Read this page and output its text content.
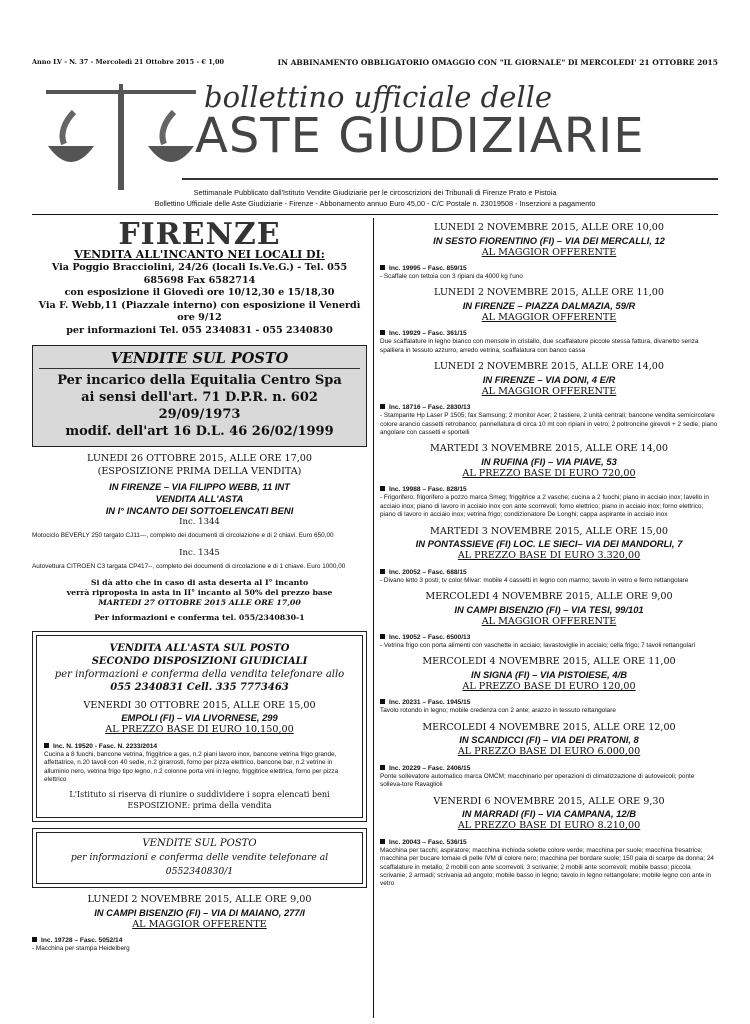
Anno LV - N. 37 - Mercoledì 21 Ottobre 2015 - € 1,00	IN ABBINAMENTO OBBLIGATORIO OMAGGIO CON "IL GIORNALE" DI MERCOLEDI' 21 OTTOBRE 2015
bollettino ufficiale delle
ASTE GIUDIZIARIE
Settimanale Pubblicato dall'Istituto Vendite Giudiziarie per le circoscrizioni dei Tribunali di Firenze Prato e Pistoia
Bollettino Ufficiale delle Aste Giudiziarie - Firenze - Abbonamento annuo Euro 45,00 - C/C Postale n. 23019508 - Inserzioni a pagamento
FIRENZE
VENDITA ALL'INCANTO NEI LOCALI DI:
Via Poggio Bracciolini, 24/26 (locali Is.Ve.G.) - Tel. 055 685698 Fax 6582714
con esposizione il Giovedì ore 10/12,30 e 15/18,30
Via F. Webb,11 (Piazzale interno) con esposizione il Venerdì ore 9/12
per informazioni Tel. 055 2340831 - 055 2340830
VENDITE SUL POSTO
Per incarico della Equitalia Centro Spa
ai sensi dell'art. 71 D.P.R. n. 602 29/09/1973
modif. dell'art 16 D.L. 46 26/02/1999
LUNEDI 26 OTTOBRE 2015, ALLE ORE 17,00
(ESPOSIZIONE PRIMA DELLA VENDITA)
IN FIRENZE – VIA FILIPPO WEBB, 11 INT
VENDITA ALL'ASTA
IN I° INCANTO DEI SOTTOELENCATI BENI
Inc. 1344
Motociclo BEVERLY 250 targato CJ11---, completo dei documenti di circolazione e di 2 chiavi. Euro 650,00
Inc. 1345
Autovettura CITROEN C3 targata CP417--, completo dei documenti di circolazione e di 1 chiave. Euro 1000,00
Si dà atto che in caso di asta deserta al I° incanto
verrà riproposta in asta in II° incanto al 50% del prezzo base
MARTEDI 27 OTTOBRE 2015 ALLE ORE 17,00
Per informazioni e conferma tel. 055/2340830-1
VENDITA ALL'ASTA SUL POSTO
SECONDO DISPOSIZIONI GIUDICIALI
per informazioni e conferma della vendita telefonare allo
055 2340831 Cell. 335 7773463
VENERDI 30 OTTOBRE 2015, ALLE ORE 15,00
EMPOLI (FI) – VIA LIVORNESE, 299
AL PREZZO BASE DI EURO 10.150,00
Inc. N. 19520 - Fasc. N. 2233/2014
Cucina a 8 fuochi, bancone vetrina, friggitrice a gas, n.2 piani lavoro inox, bancone vetrina frigo grande, affettatrice, n.20 tavoli con 40 sedie, n.2 girarrosti, forno per pizza elettrico, bancone bar, n.2 vetrine in alluminio nero, vetrina frigo tipo legno, n.2 colonne porta vini in legno, friggitrice elettrica, forno per pizza elettrico
L'Istituto si riserva di riunire o suddividere i sopra elencati beni
ESPOSIZIONE: prima della vendita
VENDITE SUL POSTO
per informazioni e conferma delle vendite telefonare al 0552340830/1
LUNEDI 2 NOVEMBRE 2015, ALLE ORE 9,00
IN CAMPI BISENZIO (FI) – VIA DI MAIANO, 277/I
AL MAGGIOR OFFERENTE
Inc. 19728 – Fasc. 5052/14
- Macchina per stampa Heidelberg
LUNEDI 2 NOVEMBRE 2015, ALLE ORE 10,00
IN SESTO FIORENTINO (FI) – VIA DEI MERCALLI, 12
AL MAGGIOR OFFERENTE
Inc. 19995 – Fasc. 859/15
- Scaffale con tettoia con 3 ripiani da 4000 kg l'uno
LUNEDI 2 NOVEMBRE 2015, ALLE ORE 11,00
IN FIRENZE – PIAZZA DALMAZIA, 59/R
AL MAGGIOR OFFERENTE
Inc. 19929 – Fasc. 361/15
Due scaffalature in legno bianco con mensole in cristallo, due scaffalature piccole stessa fattura, divanetto senza spalliera in tessuto azzurro, arredo vetrina, scaffalatura con banco cassa
LUNEDI 2 NOVEMBRE 2015, ALLE ORE 14,00
IN FIRENZE – VIA DONI, 4 E/R
AL MAGGIOR OFFERENTE
Inc. 18716 – Fasc. 2830/13
- Stampante Hp Laser P 1505; fax Samsung; 2 monitor Acer; 2 tastiere, 2 unità centrali; bancone vendita semicircolare colore arancio cassetti retrobanco; pannellatura di circa 10 mt con ripiani in vetro; 2 poltroncine girevoli + 2 sedie; piano angolare con cassetti e sportelli
MARTEDI 3 NOVEMBRE 2015, ALLE ORE 14,00
IN RUFINA (FI) – VIA PIAVE, 53
AL PREZZO BASE DI EURO 720,00
Inc. 19988 – Fasc. 828/15
- Frigorifero; frigorifero a pozzo marca Smeg; friggitrice a 2 vasche; cucina a 2 fuochi; piano in acciaio inox; lavello in acciaio inox; piano di lavoro in acciaio inox con ante scorrevoli; forno elettrico; piano in acciaio inox; forno elettrico; piano di lavoro in acciaio inox; vetrina frigo; condizionatore De Longhi; cappa aspirante in acciaio inox
MARTEDI 3 NOVEMBRE 2015, ALLE ORE 15,00
IN PONTASSIEVE (FI) LOC. LE SIECI– VIA DEI MANDORLI, 7
AL PREZZO BASE DI EURO 3.320,00
Inc. 20052 – Fasc. 688/15
- Divano letto 3 posti; tv color Mivar: mobile 4 cassetti in legno con marmo; tavolo in vetro e ferro rettangolare
MERCOLEDI 4 NOVEMBRE 2015, ALLE ORE 9,00
IN CAMPI BISENZIO (FI) – VIA TESI, 99/101
AL MAGGIOR OFFERENTE
Inc. 19052 – Fasc. 6500/13
- Vetrina frigo con porta alimenti con vaschette in acciaio; lavastoviglie in acciaio; cella frigo; 7 tavoli rettangolari
MERCOLEDI 4 NOVEMBRE 2015, ALLE ORE 11,00
IN SIGNA (FI) – VIA PISTOIESE, 4/B
AL PREZZO BASE DI EURO 120,00
Inc. 20231 – Fasc. 1945/15
Tavolo rotondo in legno; mobile credenza con 2 ante; arazzo in tessuto rettangolare
MERCOLEDI 4 NOVEMBRE 2015, ALLE ORE 12,00
IN SCANDICCI (FI) – VIA DEI PRATONI, 8
AL PREZZO BASE DI EURO 6.000,00
Inc. 20229 – Fasc. 2406/15
Ponte sollevatore automatico marca OMCM; macchinario per operazioni di climatizzazione di autoveicoli; ponte solleva-tore Ravaglioli
VENERDI 6 NOVEMBRE 2015, ALLE ORE 9,30
IN MARRADI (FI) – VIA CAMPANA, 12/B
AL PREZZO BASE DI EURO 8.210,00
Inc. 20043 – Fasc. 536/15
Macchina per tacchi; aspiratore; macchina inchioda solette colore verde; macchina per suole; macchina fresatrice; macchina per bucare tomaie di pelle IVM di colore nero; macchina per bordare suole; 150 paia di scarpe da donna; 24 scaffalature in metallo; 2 mobili con ante scorrevoli; 3 scrivanie; 2 mobili ante scorrevoli; mobile basso; piccola scrivanie; 2 armadi; scrivania ad angolo; mobile basso in legno; tavolo in legno rettangolare; mobile legno con ante in vetro
